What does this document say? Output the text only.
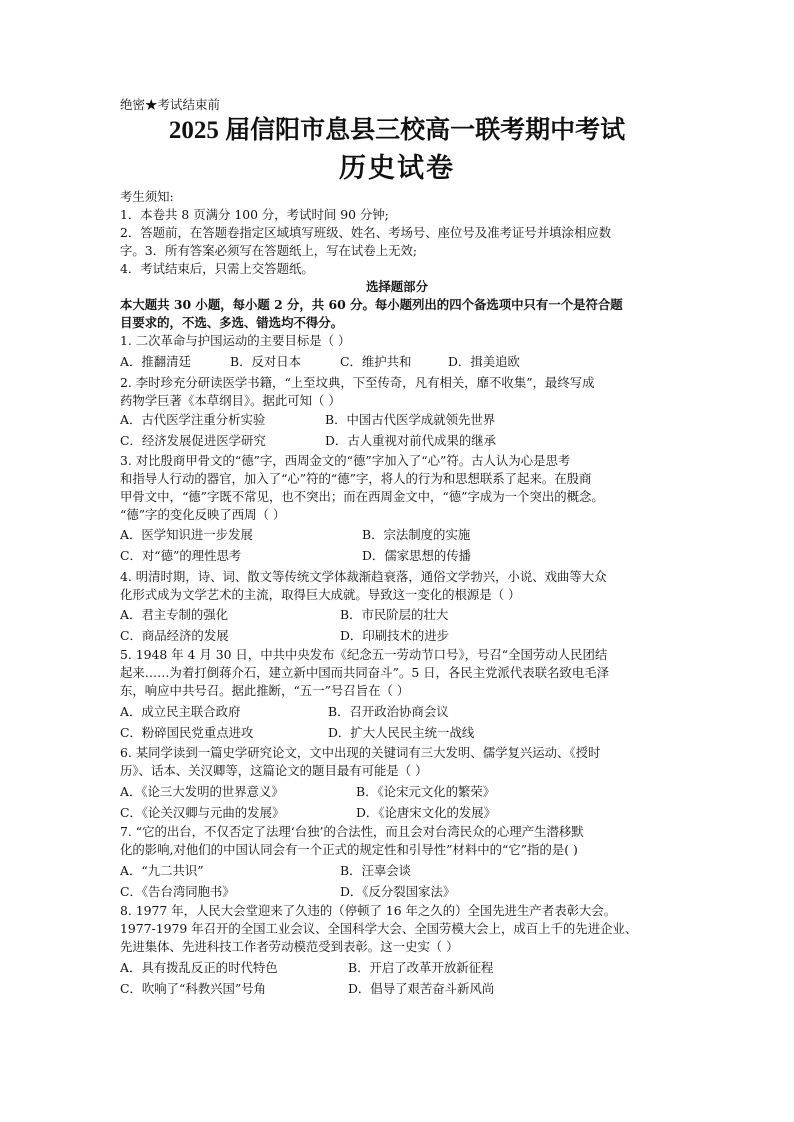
绝密★考试结束前
2025 届信阳市息县三校高一联考期中考试
历史试卷
考生须知:
1．本卷共 8 页满分 100 分，考试时间 90 分钟;
2．答题前，在答题卷指定区域填写班级、姓名、考场号、座位号及准考证号并填涂相应数
字。3．所有答案必须写在答题纸上，写在试卷上无效;
4．考试结束后，只需上交答题纸。
选择题部分
本大题共 30 小题，每小题 2 分，共 60 分。每小题列出的四个备选项中只有一个是符合题
目要求的，不选、多选、错选均不得分。
1. 二次革命与护国运动的主要目标是（ ）
A．推翻清廷	B．反对日本	C．维护共和	D．揖美追欧
2. 李时珍充分研读医学书籍，“上至坟典，下至传奇，凡有相关，靡不收集”，最终写成
药物学巨著《本草纲目》。据此可知（ ）
A．古代医学注重分析实验	B．中国古代医学成就领先世界
C．经济发展促进医学研究	D．古人重视对前代成果的继承
3. 对比殷商甲骨文的“德”字，西周金文的“德”字加入了“心”符。古人认为心是思考
和指导人行动的器官，加入了“心”符的“德”字，将人的行为和思想联系了起来。在殷商
甲骨文中，“德”字既不常见，也不突出；而在西周金文中，“德”字成为一个突出的概念。
“德”字的变化反映了西周（ ）
A．医学知识进一步发展	B．宗法制度的实施
C．对“德”的理性思考	D．儒家思想的传播
4. 明清时期，诗、词、散文等传统文学体裁渐趋衰落，通俗文学勃兴，小说、戏曲等大众
化形式成为文学艺术的主流，取得巨大成就。导致这一变化的根源是（ ）
A．君主专制的强化	B．市民阶层的壮大
C．商品经济的发展	D．印刷技术的进步
5. 1948 年 4 月 30 日，中共中央发布《纪念五一劳动节口号》，号召“全国劳动人民团结
起来……为着打倒蒋介石，建立新中国而共同奋斗”。5 日，各民主党派代表联名致电毛泽
东，响应中共号召。据此推断，“五一”号召旨在（ ）
A．成立民主联合政府	B．召开政治协商会议
C．粉碎国民党重点进攻	D．扩大人民民主统一战线
6. 某同学读到一篇史学研究论文，文中出现的关键词有三大发明、儒学复兴运动、《授时
历》、话本、关汉卿等，这篇论文的题目最有可能是（ ）
A．《论三大发明的世界意义》	B．《论宋元文化的繁荣》
C．《论关汉卿与元曲的发展》	D．《论唐宋文化的发展》
7. “它的出台，不仅否定了法理‘台独’的合法性，而且会对台湾民众的心理产生潜移默
化的影响,对他们的中国认同会有一个正式的规定性和引导性”材料中的“它”指的是( )
A．“九二共识”	B．汪辜会谈
C．《告台湾同胞书》	D．《反分裂国家法》
8. 1977 年，人民大会堂迎来了久违的（停顿了 16 年之久的）全国先进生产者表彰大会。
1977-1979 年召开的全国工业会议、全国科学大会、全国劳模大会上，成百上千的先进企业、
先进集体、先进科技工作者劳动模范受到表彰。这一史实（ ）
A．具有拨乱反正的时代特色	B．开启了改革开放新征程
C．吹响了“科教兴国”号角	D．倡导了艰苦奋斗新风尚
